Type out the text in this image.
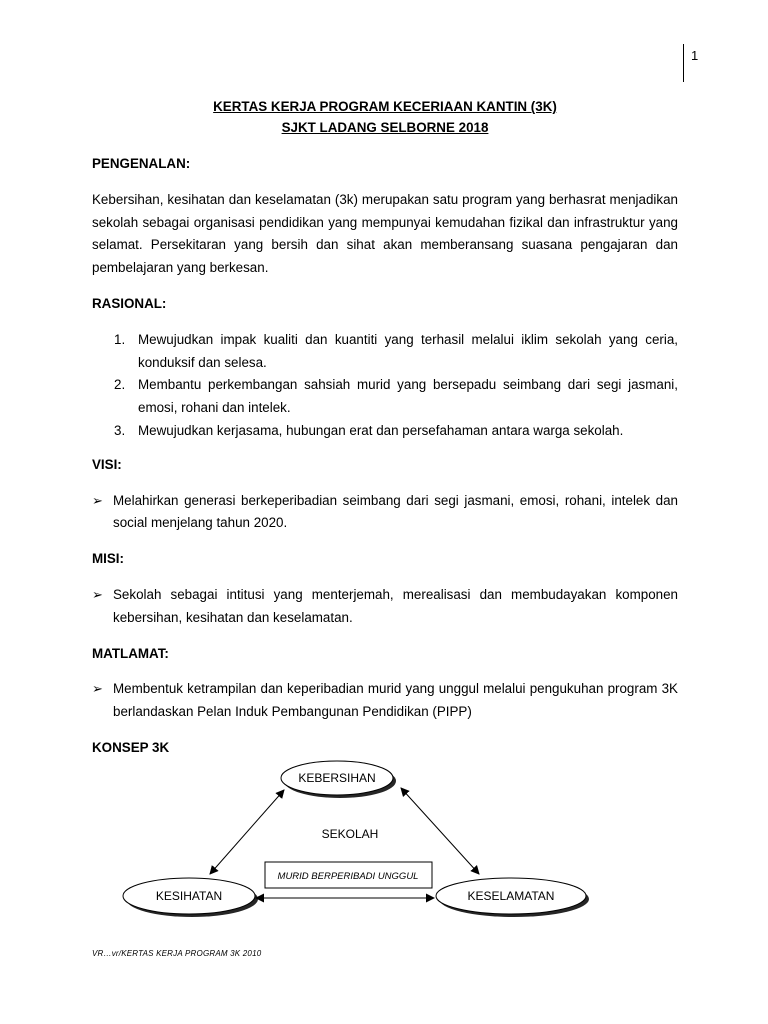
1

KERTAS KERJA PROGRAM KECERIAAN KANTIN (3K)

SJKT LADANG SELBORNE 2018

PENGENALAN:

Kebersihan, kesihatan dan keselamatan (3k) merupakan satu program yang berhasrat menjadikan sekolah sebagai organisasi pendidikan yang mempunyai kemudahan fizikal dan infrastruktur yang selamat. Persekitaran yang bersih dan sihat akan memberansang suasana pengajaran dan pembelajaran yang berkesan.

RASIONAL:
1. Mewujudkan impak kualiti dan kuantiti yang terhasil melalui iklim sekolah yang ceria, konduksif dan selesa.
2. Membantu perkembangan sahsiah murid yang bersepadu seimbang dari segi jasmani, emosi, rohani dan intelek.
3. Mewujudkan kerjasama, hubungan erat dan persefahaman antara warga sekolah.
VISI:
➢ Melahirkan generasi berkeperibadian seimbang dari segi jasmani, emosi, rohani, intelek dan social menjelang tahun 2020.
MISI:
➢ Sekolah sebagai intitusi yang menterjemah, merealisasi dan membudayakan komponen kebersihan, kesihatan dan keselamatan.
MATLAMAT:
➢ Membentuk ketrampilan dan keperibadian murid yang unggul melalui pengukuhan program 3K berlandaskan Pelan Induk Pembangunan Pendidikan (PIPP)
KONSEP 3K
KEBERSIHAN
KESIHATAN	KESELAMATAN
SEKOLAH
MURID BERPERIBADI UNGGUL
VR…vr/KERTAS KERJA PROGRAM 3K 2010
